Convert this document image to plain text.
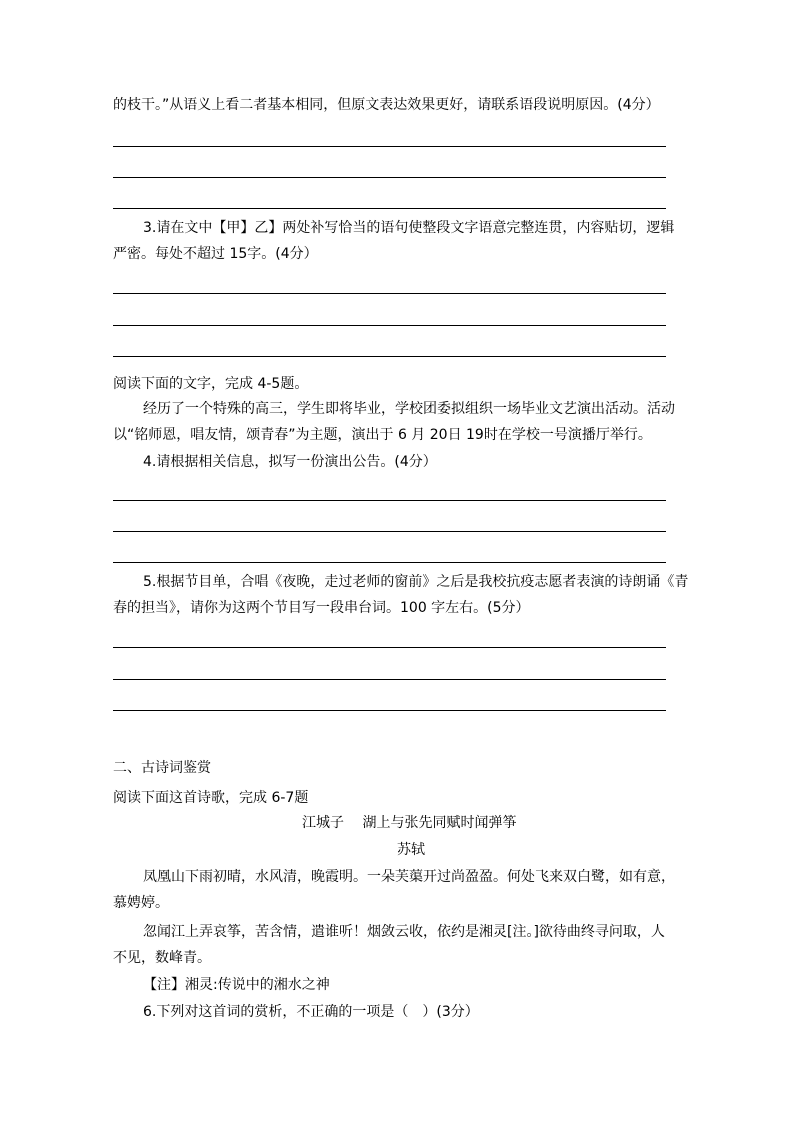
的枝干。”从语义上看二者基本相同，但原文表达效果更好，请联系语段说明原因。(4分）
3.请在文中【甲】乙】两处补写恰当的语句使整段文字语意完整连贯，内容贴切，逻辑
严密。每处不超过 15字。(4分）
阅读下面的文字，完成 4-5题。
经历了一个特殊的高三，学生即将毕业，学校团委拟组织一场毕业文艺演出活动。活动
以“铭师恩，唱友情，颂青春”为主题，演出于 6 月 20日 19时在学校一号演播厅举行。
4.请根据相关信息，拟写一份演出公告。(4分）
5.根据节目单，合唱《夜晚，走过老师的窗前》之后是我校抗疫志愿者表演的诗朗诵《青
春的担当》，请你为这两个节目写一段串台词。100 字左右。(5分）
二、古诗词鉴赏
阅读下面这首诗歌，完成 6-7题
江城子　 湖上与张先同赋时闻弹筝
苏轼
凤凰山下雨初晴，水风清，晚霞明。一朵芙蕖开过尚盈盈。何处飞来双白鹭，如有意，
慕娉婷。
忽闻江上弄哀筝，苦含情，遣谁听！烟敛云收，依约是湘灵[注。]欲待曲终寻问取，人
不见，数峰青。
【注】湘灵:传说中的湘水之神
6.下列对这首词的赏析，不正确的一项是（　）(3分）
